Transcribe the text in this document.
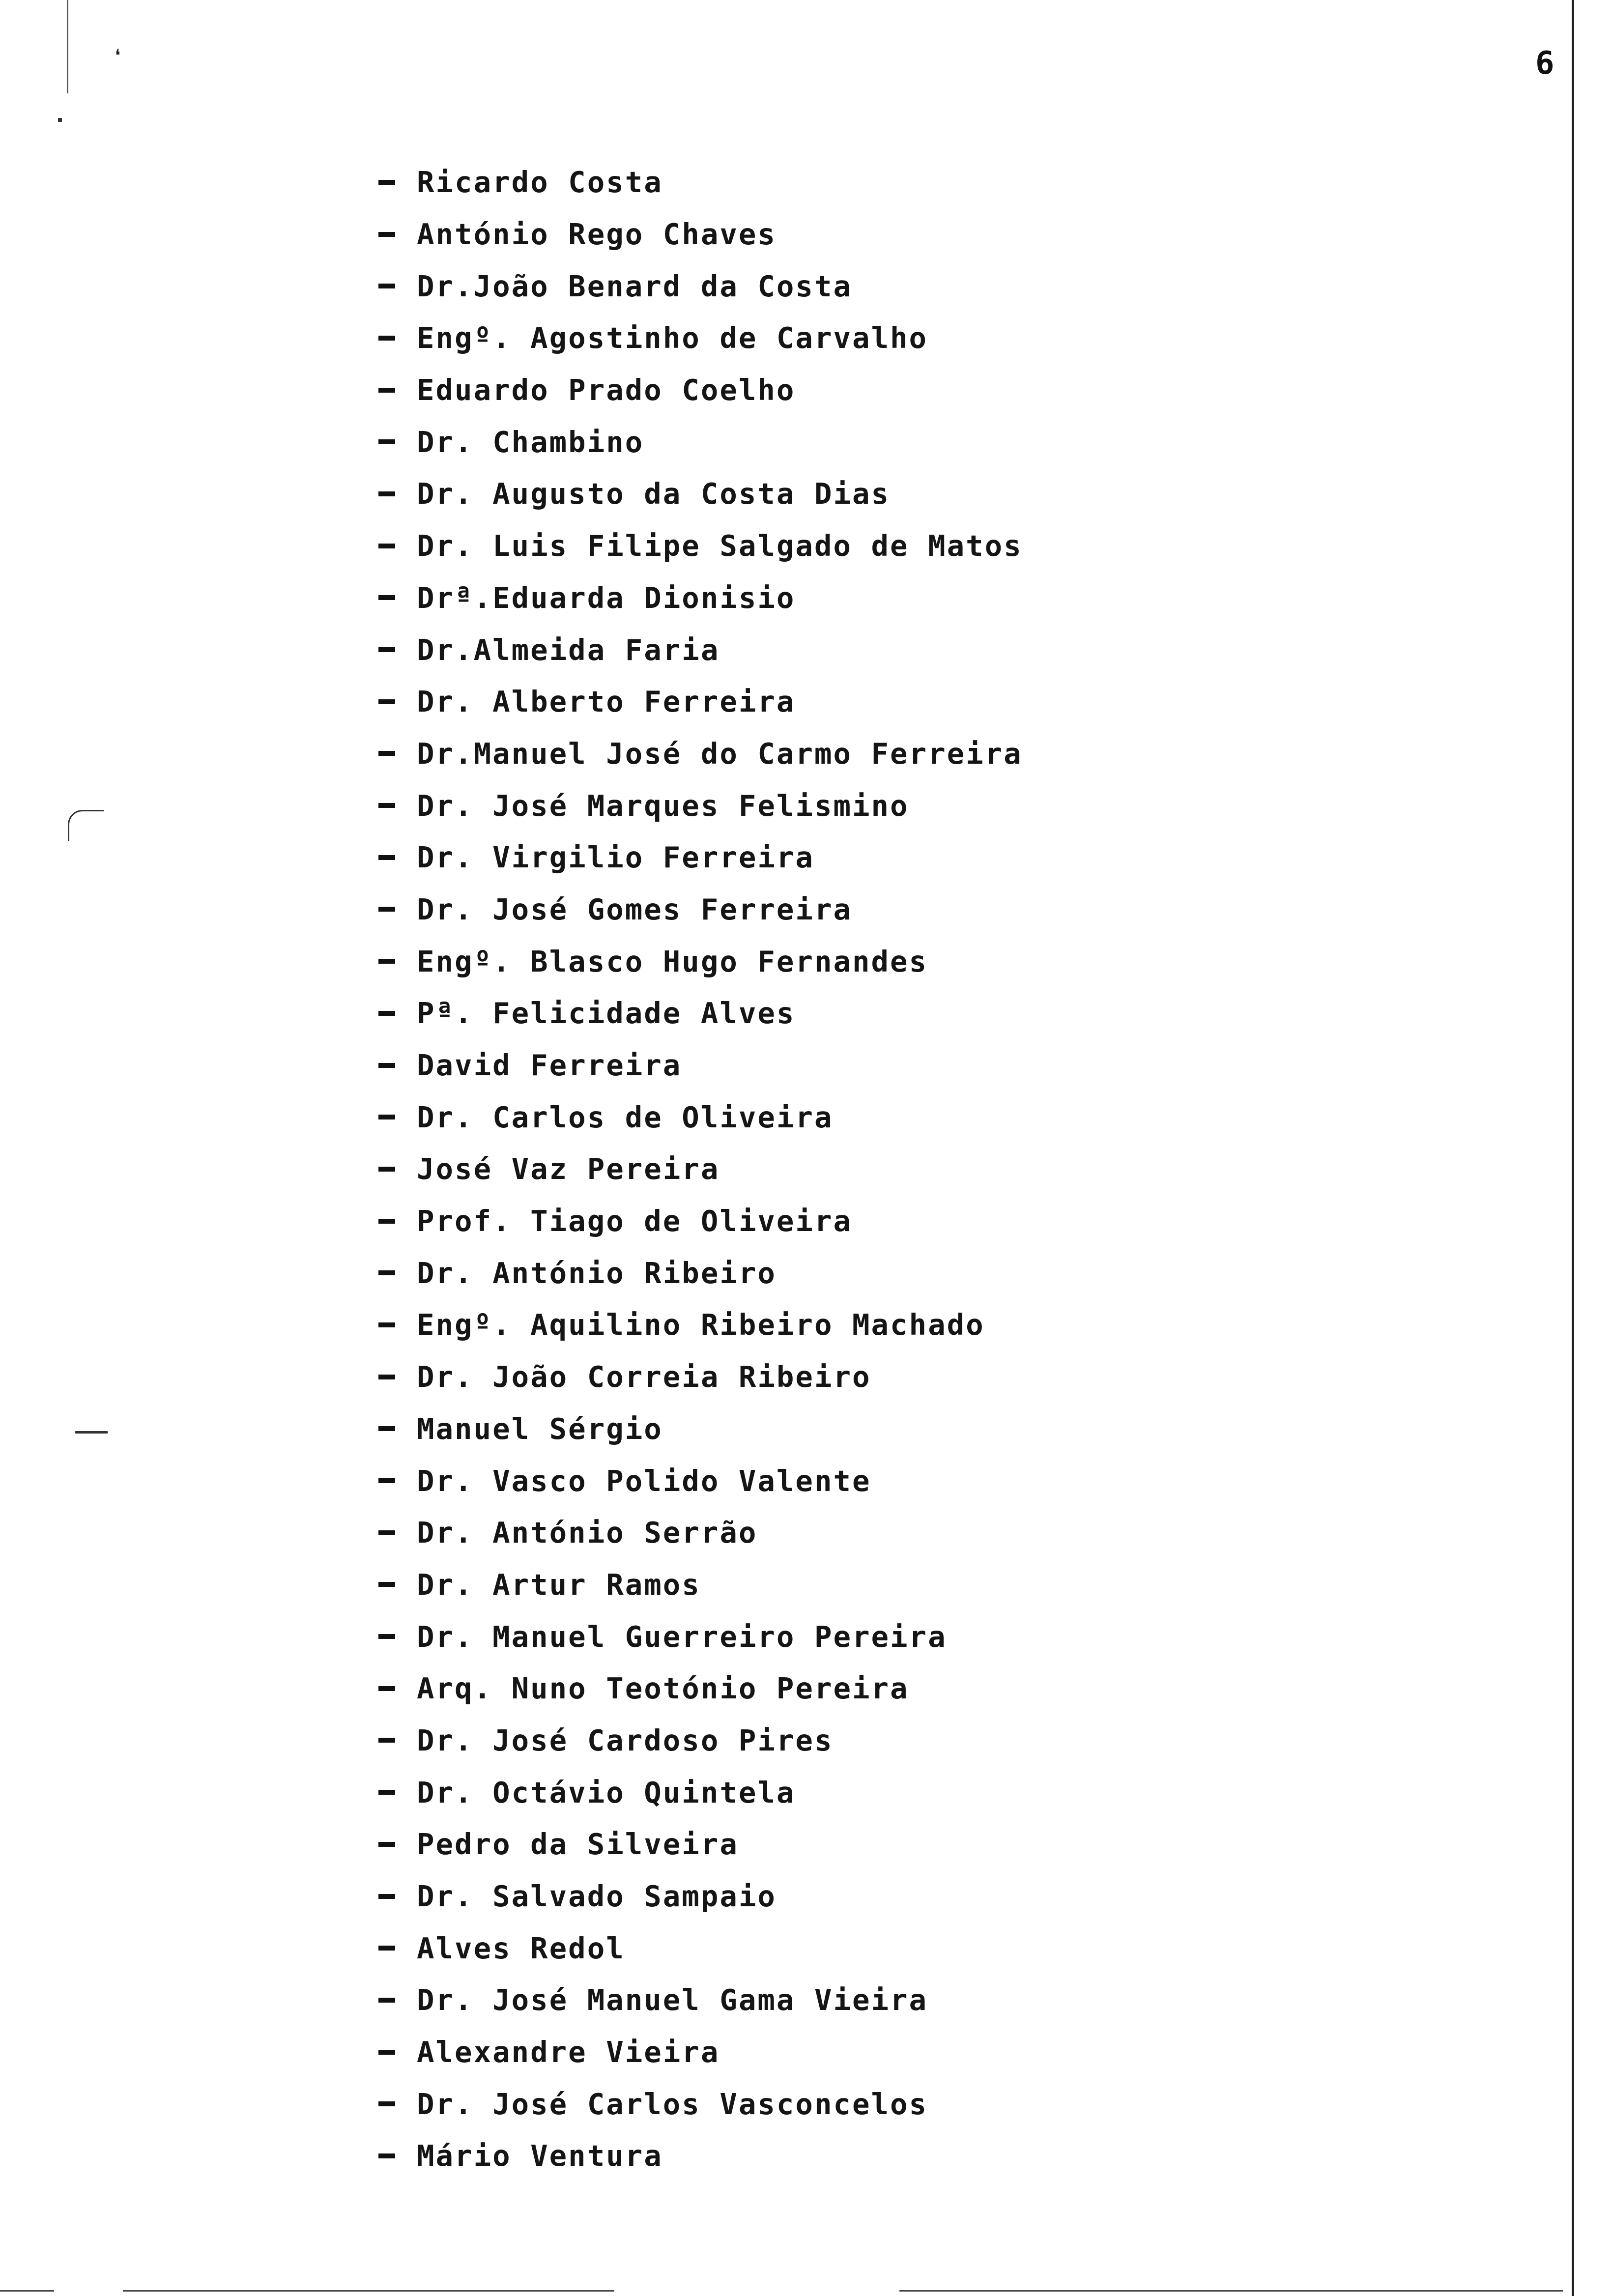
❛	6
Ricardo Costa
António Rego Chaves
Dr.João Benard da Costa
Engº. Agostinho de Carvalho
Eduardo Prado Coelho
Dr. Chambino
Dr. Augusto da Costa Dias
Dr. Luis Filipe Salgado de Matos
Drª.Eduarda Dionisio
Dr.Almeida Faria
Dr. Alberto Ferreira
Dr.Manuel José do Carmo Ferreira
Dr. José Marques Felismino
Dr. Virgilio Ferreira
Dr. José Gomes Ferreira
Engº. Blasco Hugo Fernandes
Pª. Felicidade Alves
David Ferreira
Dr. Carlos de Oliveira
José Vaz Pereira
Prof. Tiago de Oliveira
Dr. António Ribeiro
Engº. Aquilino Ribeiro Machado
Dr. João Correia Ribeiro
Manuel Sérgio
Dr. Vasco Polido Valente
Dr. António Serrão
Dr. Artur Ramos
Dr. Manuel Guerreiro Pereira
Arq. Nuno Teotónio Pereira
Dr. José Cardoso Pires
Dr. Octávio Quintela
Pedro da Silveira
Dr. Salvado Sampaio
Alves Redol
Dr. José Manuel Gama Vieira
Alexandre Vieira
Dr. José Carlos Vasconcelos
Mário Ventura
